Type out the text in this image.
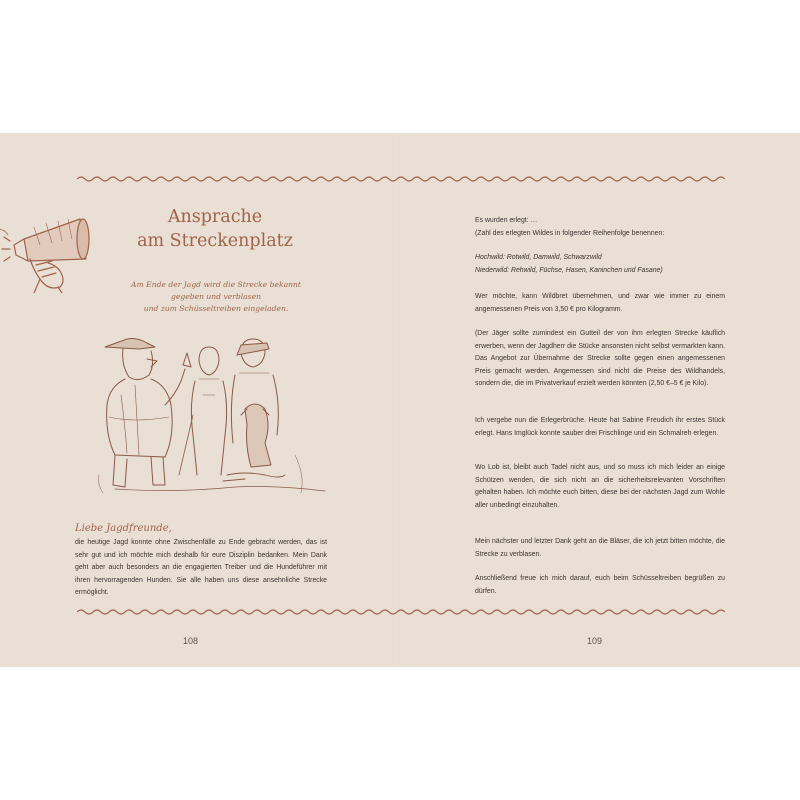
Ansprache
am Streckenplatz

Am Ende der Jagd wird die Strecke bekannt
gegeben und verblasen
und zum Schüsseltreiben eingeladen.

Liebe Jagdfreunde,

die heutige Jagd konnte ohne Zwischenfälle zu Ende gebracht werden, das ist sehr gut und ich möchte mich deshalb für eure Disziplin bedanken. Mein Dank geht aber auch besonders an die engagierten Treiber und die Hundeführer mit ihren hervorragenden Hunden. Sie alle haben uns diese ansehnliche Strecke ermöglicht.

108

Es wurden erlegt: …
(Zahl des erlegten Wildes in folgender Reihenfolge benennen:

Hochwild: Rotwild, Damwild, Schwarzwild
Niederwild: Rehwild, Füchse, Hasen, Kaninchen und Fasane)

Wer möchte, kann Wildbret übernehmen, und zwar wie immer zu einem angemessenen Preis von 3,50 € pro Kilogramm.

(Der Jäger sollte zumindest ein Gutteil der von ihm erlegten Strecke käuflich erwerben, wenn der Jagdherr die Stücke ansonsten nicht selbst vermarkten kann. Das Angebot zur Übernahme der Strecke sollte gegen einen angemessenen Preis gemacht werden. Angemessen sind nicht die Preise des Wildhandels, sondern die, die im Privatverkauf erzielt werden könnten (2,50 €–5 € je Kilo).

Ich vergebe nun die Erlegerbrüche. Heute hat Sabine Freudich ihr erstes Stück erlegt. Hans Imglück konnte sauber drei Frischlinge und ein Schmalreh erlegen.

Wo Lob ist, bleibt auch Tadel nicht aus, und so muss ich mich leider an einige Schützen wenden, die sich nicht an die sicherheitsrelevanten Vorschriften gehalten haben. Ich möchte euch bitten, diese bei der nächsten Jagd zum Wohle aller unbedingt einzuhalten.

Mein nächster und letzter Dank geht an die Bläser, die ich jetzt bitten möchte, die Strecke zu verblasen.

Anschließend freue ich mich darauf, euch beim Schüsseltreiben begrüßen zu dürfen.

109
